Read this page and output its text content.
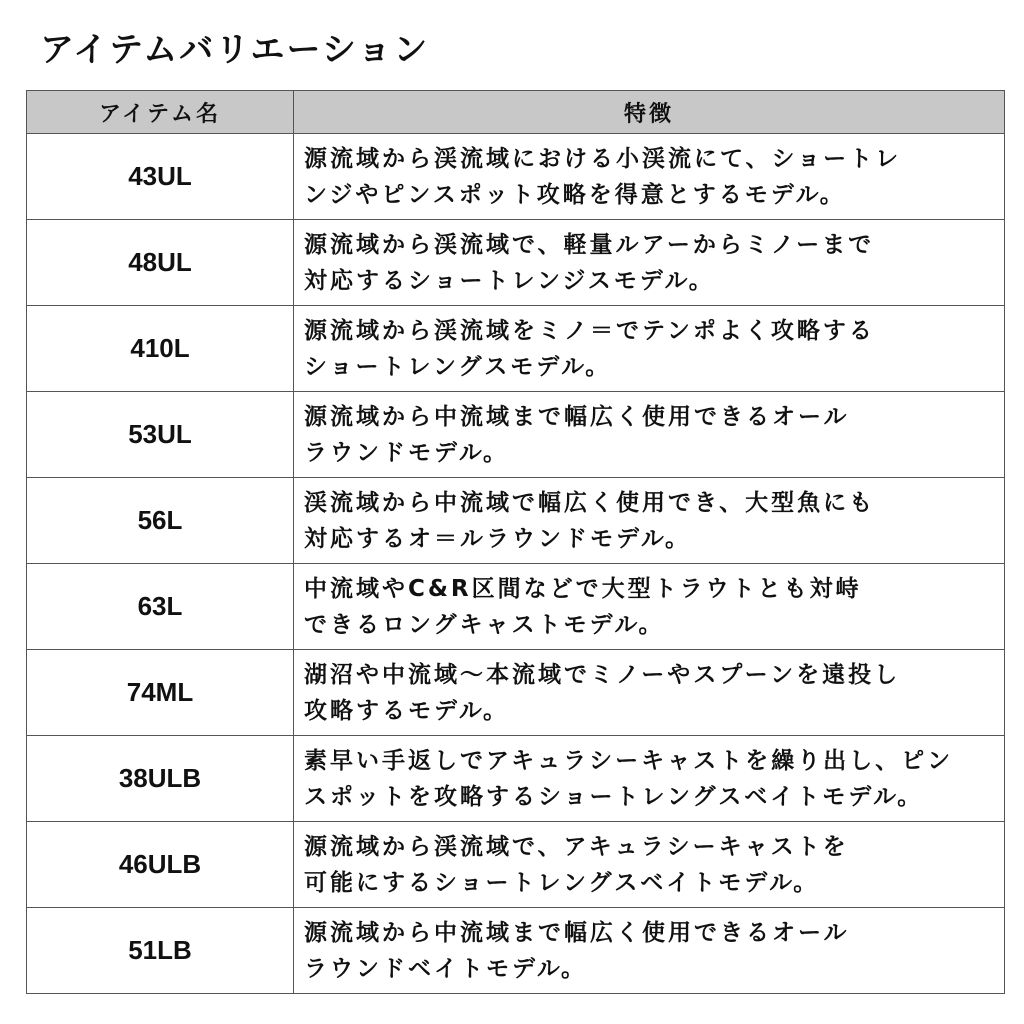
アイテムバリエーション
アイテム名	特徴
43UL	源流域から渓流域における小渓流にて、ショートレ
ンジやピンスポット攻略を得意とするモデル。

48UL	源流域から渓流域で、軽量ルアーからミノーまで
対応するショートレンジスモデル。

410L	源流域から渓流域をミノ＝でテンポよく攻略する
ショートレングスモデル。

53UL	源流域から中流域まで幅広く使用できるオール
ラウンドモデル。

56L	渓流域から中流域で幅広く使用でき、大型魚にも
対応するオ＝ルラウンドモデル。

63L	中流域やC&R区間などで大型トラウトとも対峙
できるロングキャストモデル。

74ML	湖沼や中流域～本流域でミノーやスプーンを遠投し
攻略するモデル。

38ULB	素早い手返しでアキュラシーキャストを繰り出し、ピン
スポットを攻略するショートレングスベイトモデル。

46ULB	源流域から渓流域で、アキュラシーキャストを
可能にするショートレングスベイトモデル。

51LB	源流域から中流域まで幅広く使用できるオール
ラウンドベイトモデル。
